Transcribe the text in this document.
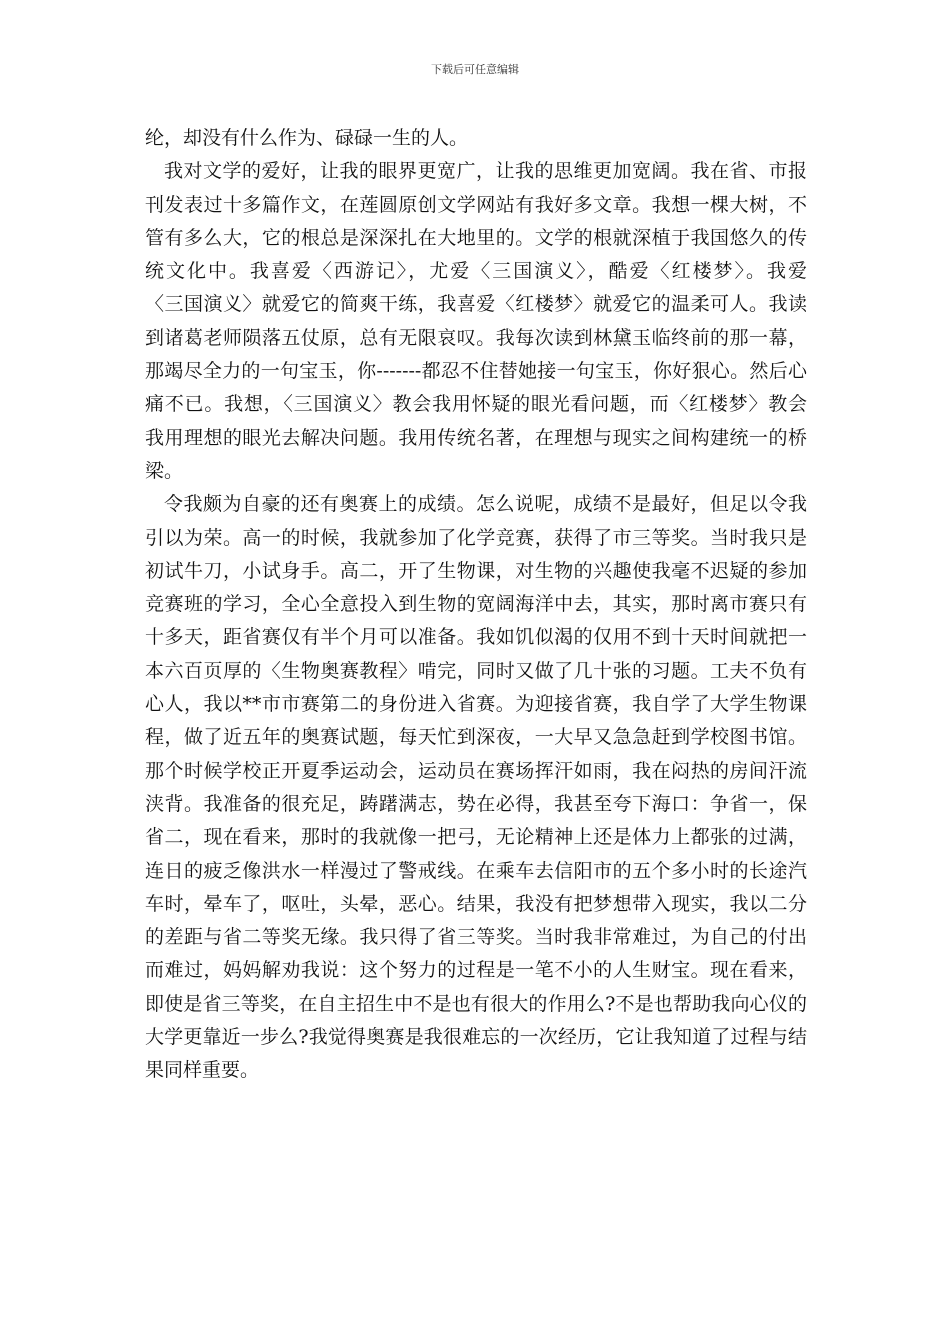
下载后可任意编辑
纶，却没有什么作为、碌碌一生的人。
我对文学的爱好，让我的眼界更宽广，让我的思维更加宽阔。我在省、市报
刊发表过十多篇作文，在莲圆原创文学网站有我好多文章。我想一棵大树，不
管有多么大，它的根总是深深扎在大地里的。文学的根就深植于我国悠久的传
统文化中。我喜爱〈西游记〉，尤爱〈三国演义〉，酷爱〈红楼梦〉。我爱
〈三国演义〉就爱它的简爽干练，我喜爱〈红楼梦〉就爱它的温柔可人。我读
到诸葛老师陨落五仗原，总有无限哀叹。我每次读到林黛玉临终前的那一幕，
那竭尽全力的一句宝玉，你-------都忍不住替她接一句宝玉，你好狠心。然后心
痛不已。我想，〈三国演义〉教会我用怀疑的眼光看问题，而〈红楼梦〉教会
我用理想的眼光去解决问题。我用传统名著，在理想与现实之间构建统一的桥
梁。
令我颇为自豪的还有奥赛上的成绩。怎么说呢，成绩不是最好，但足以令我
引以为荣。高一的时候，我就参加了化学竞赛，获得了市三等奖。当时我只是
初试牛刀，小试身手。高二，开了生物课，对生物的兴趣使我毫不迟疑的参加
竞赛班的学习，全心全意投入到生物的宽阔海洋中去，其实，那时离市赛只有
十多天，距省赛仅有半个月可以准备。我如饥似渴的仅用不到十天时间就把一
本六百页厚的〈生物奥赛教程〉啃完，同时又做了几十张的习题。工夫不负有
心人，我以**市市赛第二的身份进入省赛。为迎接省赛，我自学了大学生物课
程，做了近五年的奥赛试题，每天忙到深夜，一大早又急急赶到学校图书馆。
那个时候学校正开夏季运动会，运动员在赛场挥汗如雨，我在闷热的房间汗流
浃背。我准备的很充足，踌躇满志，势在必得，我甚至夸下海口：争省一，保
省二，现在看来，那时的我就像一把弓，无论精神上还是体力上都张的过满，
连日的疲乏像洪水一样漫过了警戒线。在乘车去信阳市的五个多小时的长途汽
车时，晕车了，呕吐，头晕，恶心。结果，我没有把梦想带入现实，我以二分
的差距与省二等奖无缘。我只得了省三等奖。当时我非常难过，为自己的付出
而难过，妈妈解劝我说：这个努力的过程是一笔不小的人生财宝。现在看来，
即使是省三等奖，在自主招生中不是也有很大的作用么?不是也帮助我向心仪的
大学更靠近一步么?我觉得奥赛是我很难忘的一次经历，它让我知道了过程与结
果同样重要。
